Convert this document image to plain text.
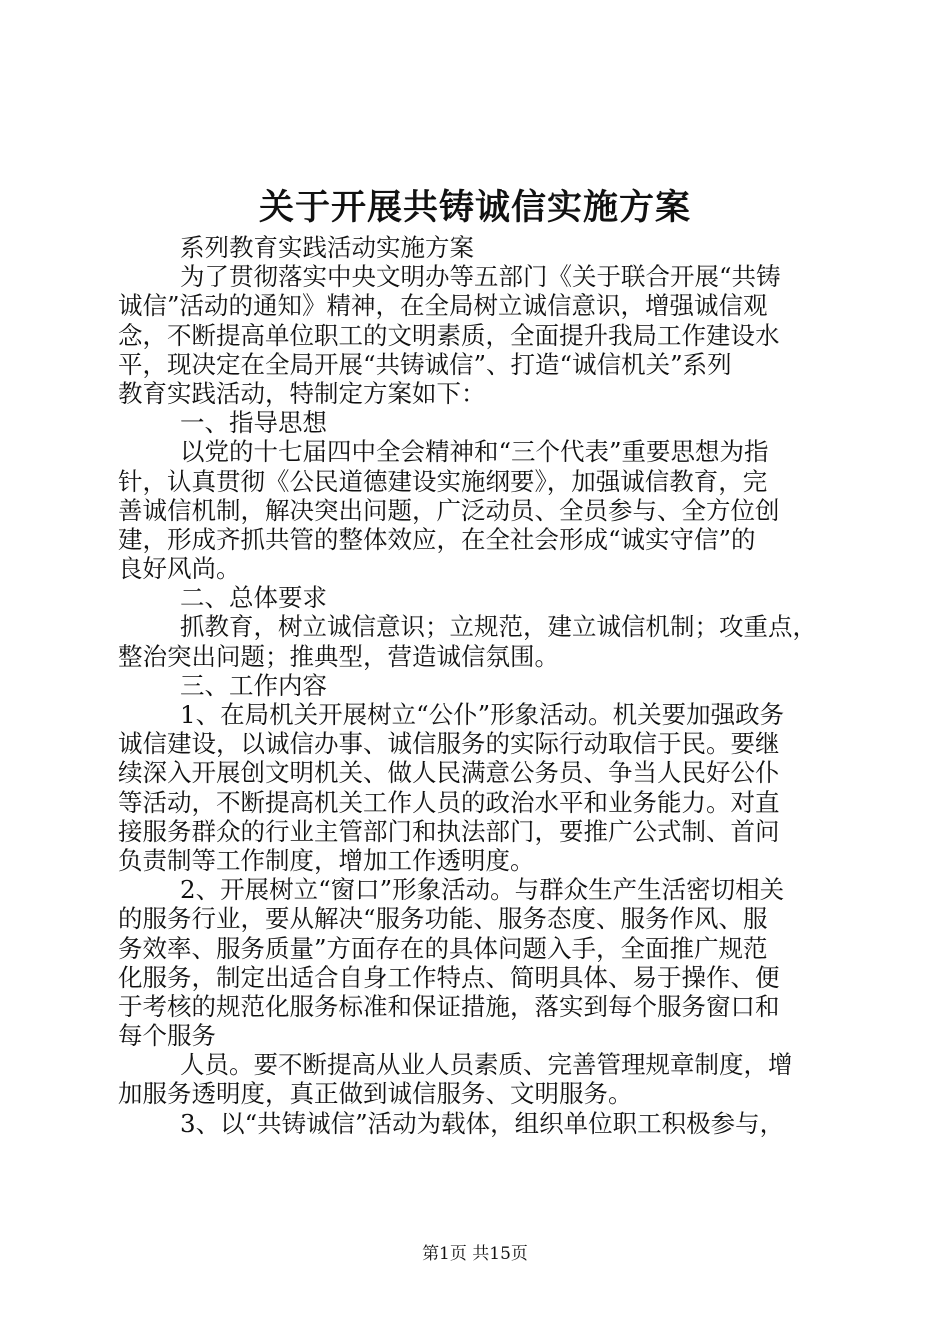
关于开展共铸诚信实施方案
系列教育实践活动实施方案
为了贯彻落实中央文明办等五部门《关于联合开展“共铸
诚信”活动的通知》精神，在全局树立诚信意识，增强诚信观
念，不断提高单位职工的文明素质，全面提升我局工作建设水
平，现决定在全局开展“共铸诚信”、打造“诚信机关”系列
教育实践活动，特制定方案如下：
一、指导思想
以党的十七届四中全会精神和“三个代表”重要思想为指
针，认真贯彻《公民道德建设实施纲要》，加强诚信教育，完
善诚信机制，解决突出问题，广泛动员、全员参与、全方位创
建，形成齐抓共管的整体效应，在全社会形成“诚实守信”的
良好风尚。
二、总体要求
抓教育，树立诚信意识；立规范，建立诚信机制；攻重点，
整治突出问题；推典型，营造诚信氛围。
三、工作内容
1、在局机关开展树立“公仆”形象活动。机关要加强政务
诚信建设，以诚信办事、诚信服务的实际行动取信于民。要继
续深入开展创文明机关、做人民满意公务员、争当人民好公仆
等活动，不断提高机关工作人员的政治水平和业务能力。对直
接服务群众的行业主管部门和执法部门，要推广公式制、首问
负责制等工作制度，增加工作透明度。
2、开展树立“窗口”形象活动。与群众生产生活密切相关
的服务行业，要从解决“服务功能、服务态度、服务作风、服
务效率、服务质量”方面存在的具体问题入手，全面推广规范
化服务，制定出适合自身工作特点、简明具体、易于操作、便
于考核的规范化服务标准和保证措施，落实到每个服务窗口和
每个服务
人员。要不断提高从业人员素质、完善管理规章制度，增
加服务透明度，真正做到诚信服务、文明服务。
3、以“共铸诚信”活动为载体，组织单位职工积极参与，
第1页 共15页
